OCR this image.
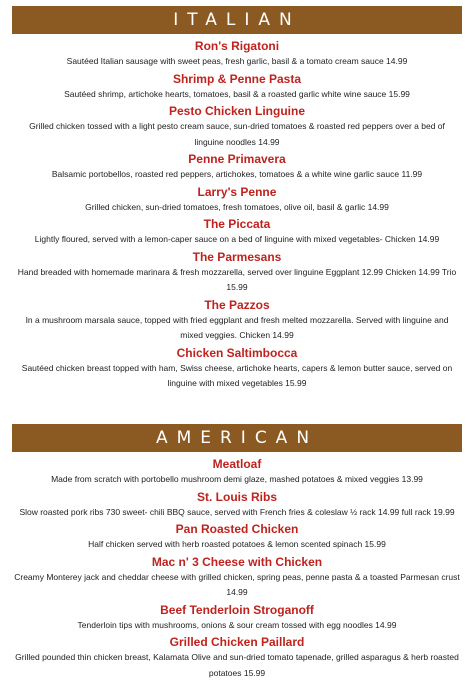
ITALIAN
Ron's Rigatoni
Sautéed Italian sausage with sweet peas, fresh garlic, basil & a tomato cream sauce 14.99
Shrimp & Penne Pasta
Sautéed shrimp, artichoke hearts, tomatoes, basil & a roasted garlic white wine sauce 15.99
Pesto Chicken Linguine
Grilled chicken tossed with a light pesto cream sauce, sun-dried tomatoes & roasted red peppers over a bed of linguine noodles 14.99
Penne Primavera
Balsamic portobellos, roasted red peppers, artichokes, tomatoes & a white wine garlic sauce 11.99
Larry's Penne
Grilled chicken, sun-dried tomatoes, fresh tomatoes, olive oil, basil & garlic 14.99
The Piccata
Lightly floured, served with a lemon-caper sauce on a bed of linguine with mixed vegetables- Chicken 14.99
The Parmesans
Hand breaded with homemade marinara & fresh mozzarella, served over linguine Eggplant 12.99 Chicken 14.99 Trio 15.99
The Pazzos
In a mushroom marsala sauce, topped with fried eggplant and fresh melted mozzarella. Served with linguine and mixed veggies. Chicken 14.99
Chicken Saltimbocca
Sautéed chicken breast topped with ham, Swiss cheese, artichoke hearts, capers & lemon butter sauce, served on linguine with mixed vegetables 15.99
AMERICAN
Meatloaf
Made from scratch with portobello mushroom demi glaze, mashed potatoes & mixed veggies 13.99
St. Louis Ribs
Slow roasted pork ribs 730 sweet- chili BBQ sauce, served with French fries & coleslaw ½ rack 14.99 full rack 19.99
Pan Roasted Chicken
Half chicken served with herb roasted potatoes & lemon scented spinach 15.99
Mac n' 3 Cheese with Chicken
Creamy Monterey jack and cheddar cheese with grilled chicken, spring peas, penne pasta & a toasted Parmesan crust 14.99
Beef Tenderloin Stroganoff
Tenderloin tips with mushrooms, onions & sour cream tossed with egg noodles 14.99
Grilled Chicken Paillard
Grilled pounded thin chicken breast, Kalamata Olive and sun-dried tomato tapenade, grilled asparagus & herb roasted potatoes 15.99
